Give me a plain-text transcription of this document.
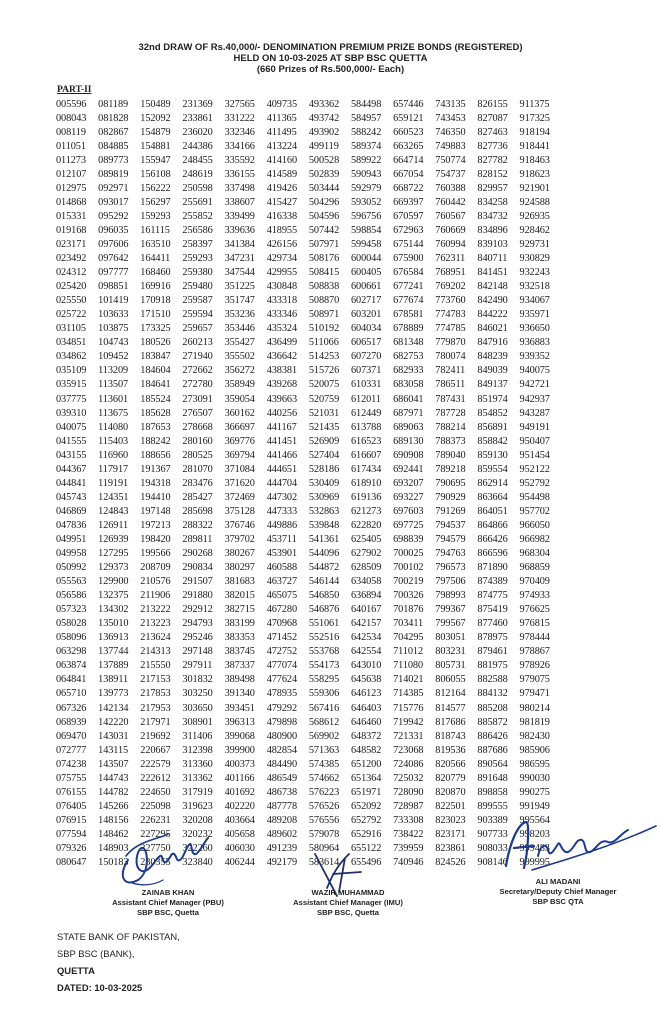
32nd DRAW OF Rs.40,000/- DENOMINATION PREMIUM PRIZE BONDS (REGISTERED)
HELD ON 10-03-2025 AT SBP BSC QUETTA
(660 Prizes of Rs.500,000/- Each)
PART-II
005596	081189	150489	231369	327565	409735	493362	584498	657446	743135	826155	911375
008043	081828	152092	233861	331222	411365	493742	584957	659121	743453	827087	917325
008119	082867	154879	236020	332346	411495	493902	588242	660523	746350	827463	918194
011051	084885	154881	244386	334166	413224	499119	589374	663265	749883	827736	918441
011273	089773	155947	248455	335592	414160	500528	589922	664714	750774	827782	918463
012107	089819	156108	248619	336155	414589	502839	590943	667054	754737	828152	918623
012975	092971	156222	250598	337498	419426	503444	592979	668722	760388	829957	921901
014868	093017	156297	255691	338607	415427	504296	593052	669397	760442	834258	924588
015331	095292	159293	255852	339499	416338	504596	596756	670597	760567	834732	926935
019168	096035	161115	256586	339636	418955	507442	598854	672963	760669	834896	928462
023171	097606	163510	258397	341384	426156	507971	599458	675144	760994	839103	929731
023492	097642	164411	259293	347231	429734	508176	600044	675900	762311	840711	930829
024312	097777	168460	259380	347544	429955	508415	600405	676584	768951	841451	932243
025420	098851	169916	259480	351225	430848	508838	600661	677241	769202	842148	932518
025550	101419	170918	259587	351747	433318	508870	602717	677674	773760	842490	934067
025722	103633	171510	259594	353236	433346	508971	603201	678581	774783	844222	935971
031105	103875	173325	259657	353446	435324	510192	604034	678889	774785	846021	936650
034851	104743	180526	260213	355427	436499	511066	606517	681348	779870	847916	936883
034862	109452	183847	271940	355502	436642	514253	607270	682753	780074	848239	939352
035109	113209	184604	272662	356272	438381	515726	607371	682933	782411	849039	940075
035915	113507	184641	272780	358949	439268	520075	610331	683058	786511	849137	942721
037775	113601	185524	273091	359054	439663	520759	612011	686041	787431	851974	942937
039310	113675	185628	276507	360162	440256	521031	612449	687971	787728	854852	943287
040075	114080	187653	278668	366697	441167	521435	613788	689063	788214	856891	949191
041555	115403	188242	280160	369776	441451	526909	616523	689130	788373	858842	950407
043155	116960	188656	280525	369794	441466	527404	616607	690908	789040	859130	951454
044367	117917	191367	281070	371084	444651	528186	617434	692441	789218	859554	952122
044841	119191	194318	283476	371620	444704	530409	618910	693207	790695	862914	952792
045743	124351	194410	285427	372469	447302	530969	619136	693227	790929	863664	954498
046869	124843	197148	285698	375128	447333	532863	621273	697603	791269	864051	957702
047836	126911	197213	288322	376746	449886	539848	622820	697725	794537	864866	966050
049951	126939	198420	289811	379702	453711	541361	625405	698839	794579	866426	966982
049958	127295	199566	290268	380267	453901	544096	627902	700025	794763	866596	968304
050992	129373	208709	290834	380297	460588	544872	628509	700102	796573	871890	968859
055563	129900	210576	291507	381683	463727	546144	634058	700219	797506	874389	970409
056586	132375	211906	291880	382015	465075	546850	636894	700326	798993	874775	974933
057323	134302	213222	292912	382715	467280	546876	640167	701876	799367	875419	976625
058028	135010	213223	294793	383199	470968	551061	642157	703411	799567	877460	976815
058096	136913	213624	295246	383353	471452	552516	642534	704295	803051	878975	978444
063298	137744	214313	297148	383745	472752	553768	642554	711012	803231	879461	978867
063874	137889	215550	297911	387337	477074	554173	643010	711080	805731	881975	978926
064841	138911	217153	301832	389498	477624	558295	645638	714021	806055	882588	979075
065710	139773	217853	303250	391340	478935	559306	646123	714385	812164	884132	979471
067326	142134	217953	303650	393451	479292	567416	646403	715776	814577	885208	980214
068939	142220	217971	308901	396313	479898	568612	646460	719942	817686	885872	981819
069470	143031	219692	311406	399068	480900	569902	648372	721331	818743	886426	982430
072777	143115	220667	312398	399900	482854	571363	648582	723068	819536	887686	985906
074238	143507	222579	313360	400373	484490	574385	651200	724086	820566	890564	986595
075755	144743	222612	313362	401166	486549	574662	651364	725032	820779	891648	990030
076155	144782	224650	317919	401692	486738	576223	651971	728090	820870	898858	990275
076405	145266	225098	319623	402220	487778	576526	652092	728987	822501	899555	991949
076915	148156	226231	320208	403664	489208	576556	652792	733308	823023	903389	995564
077594	148462	227295	320232	405658	489602	579078	652916	738422	823171	907733	998203
079326	148903	227750	322260	406030	491239	580964	655122	739959	823861	908033	999483
080647	150183	230355	323840	406244	492179	583614	655496	740946	824526	908146	999995
ZAINAB KHAN
Assistant Chief Manager (PBU)
SBP BSC, Quetta
WAZIR MUHAMMAD
Assistant Chief Manager (IMU)
SBP BSC, Quetta
ALI MADANI
Secretary/Deputy Chief Manager
SBP BSC QTA
STATE BANK OF PAKISTAN,
SBP BSC (BANK),
QUETTA
DATED: 10-03-2025
